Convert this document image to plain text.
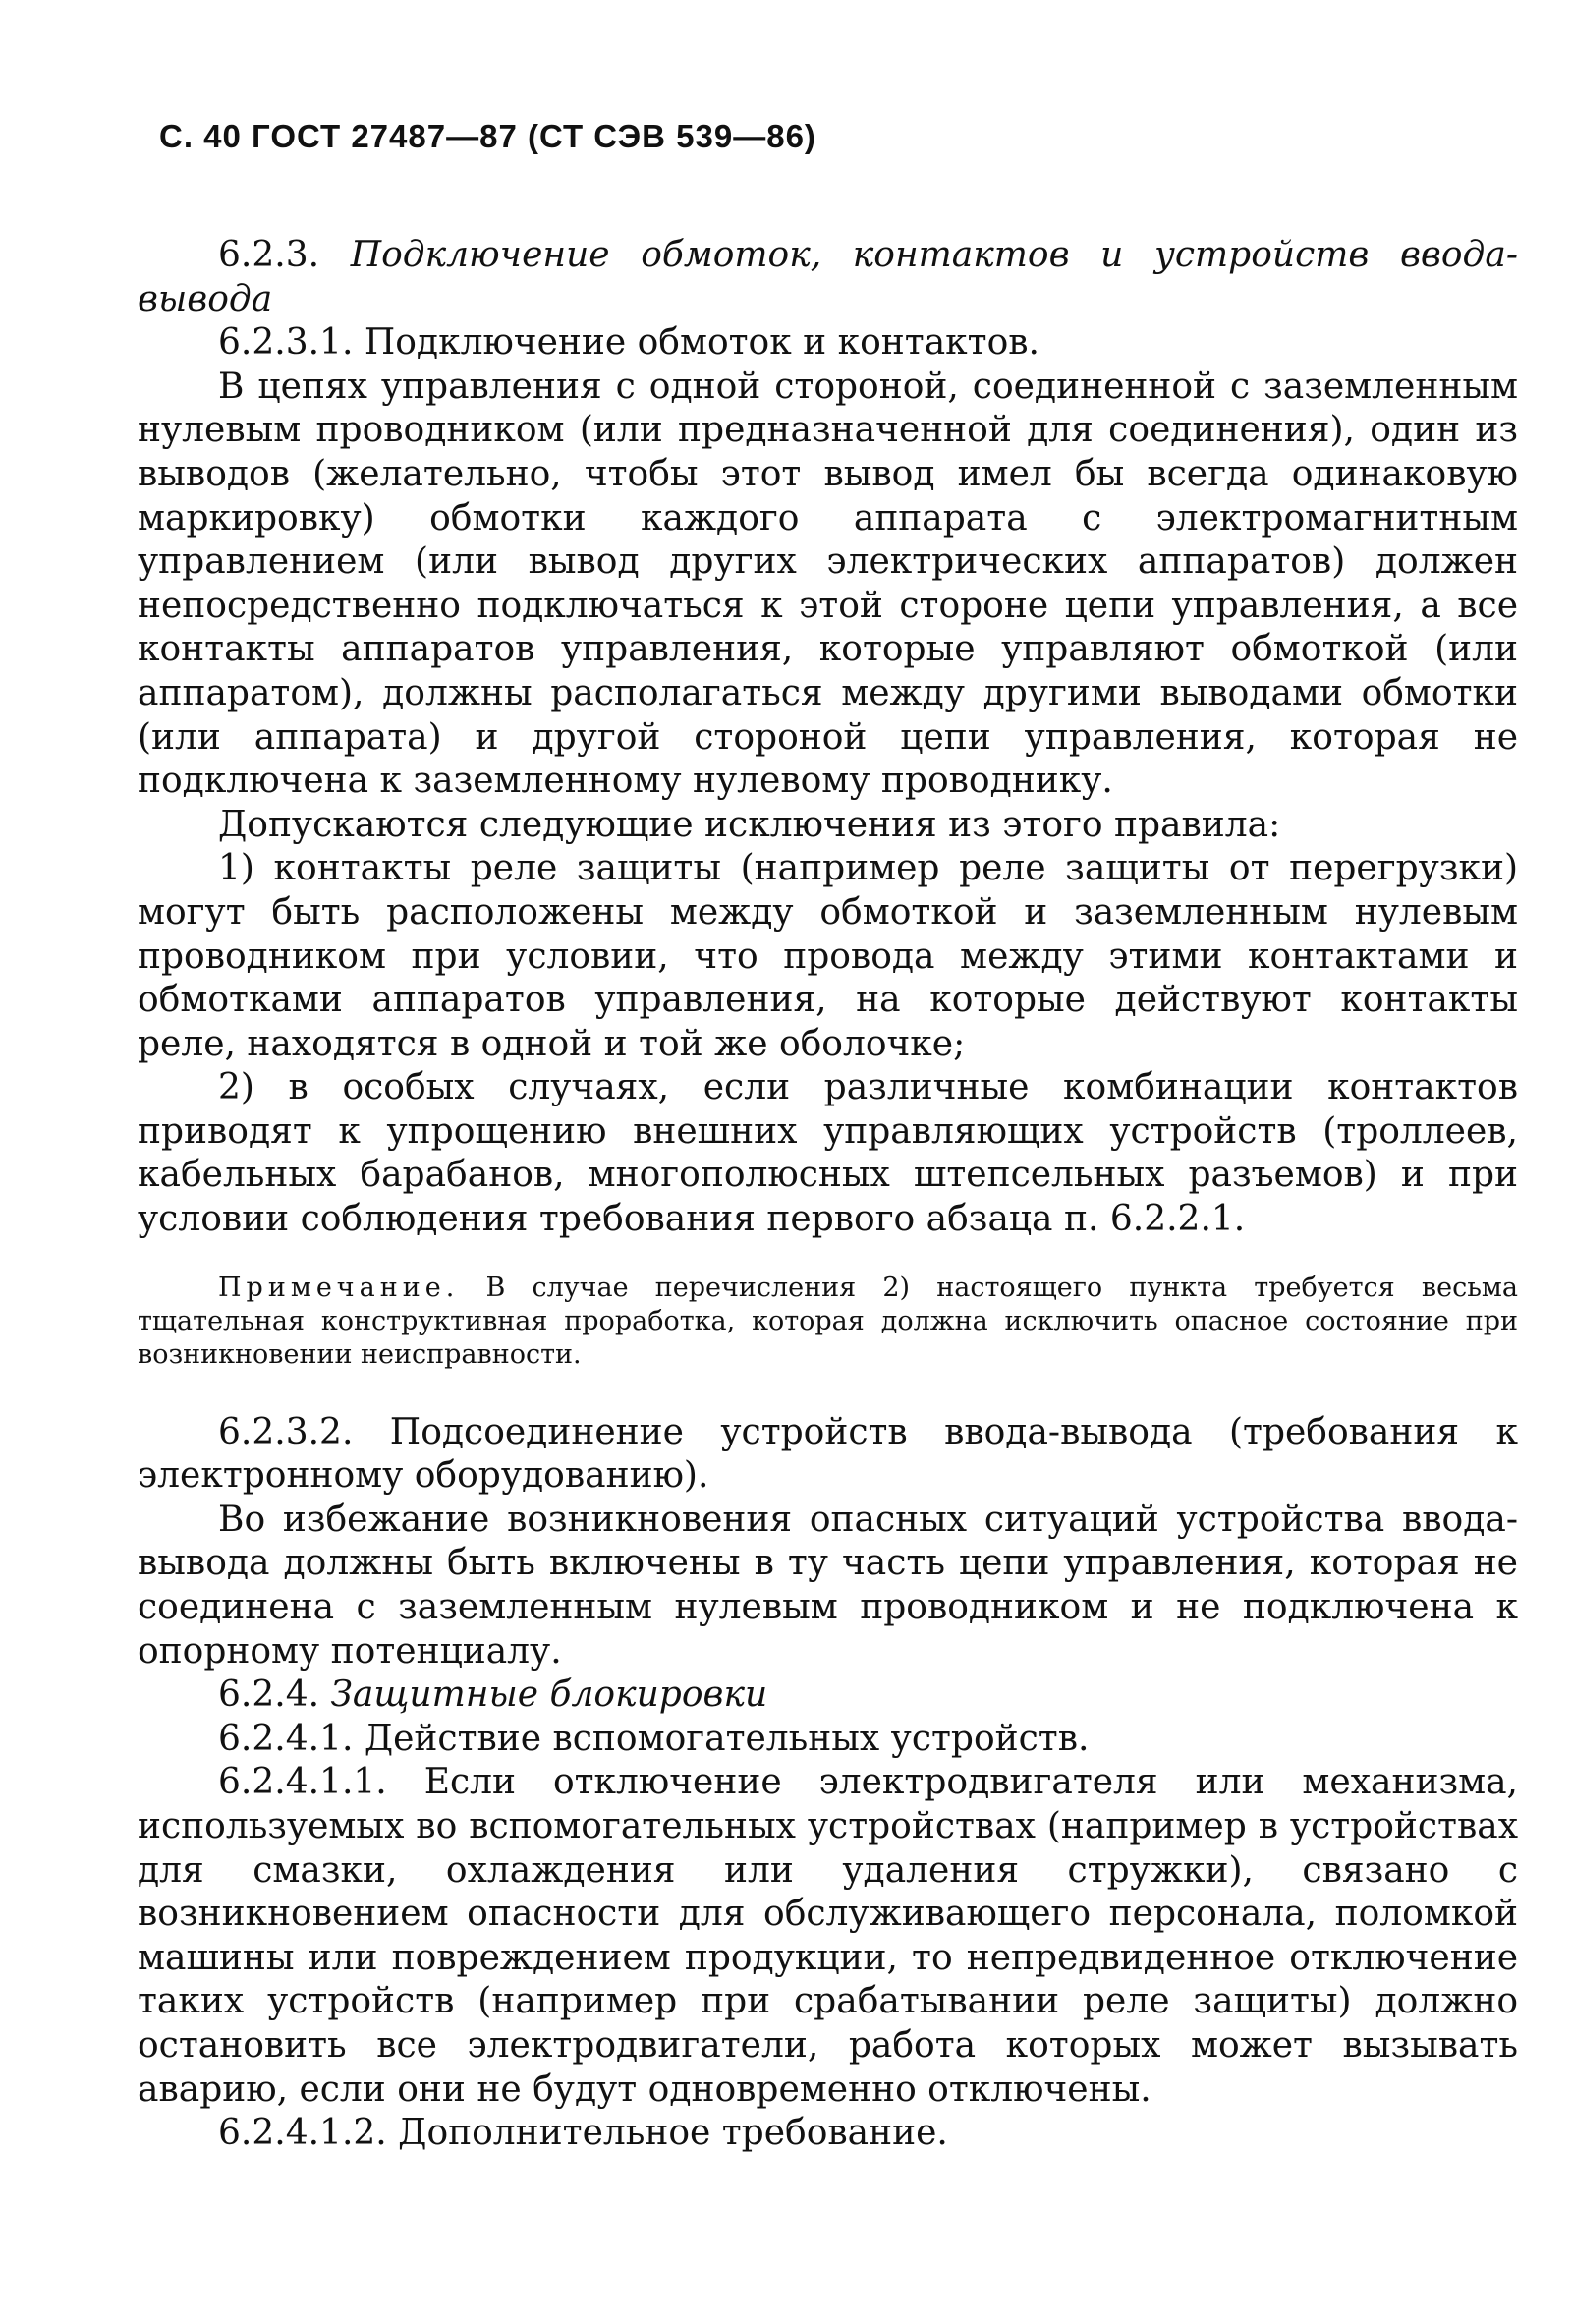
С. 40 ГОСТ 27487—87 (СТ СЭВ 539—86)

6.2.3. Подключение обмоток, контактов и устройств ввода-вывода

6.2.3.1. Подключение обмоток и контактов.

В цепях управления с одной стороной, соединенной с заземленным нулевым проводником (или предназначенной для соединения), один из выводов (желательно, чтобы этот вывод имел бы всегда одинаковую маркировку) обмотки каждого аппарата с электромагнитным управлением (или вывод других электрических аппаратов) должен непосредственно подключаться к этой стороне цепи управления, а все контакты аппаратов управления, которые управляют обмоткой (или аппаратом), должны располагаться между другими выводами обмотки (или аппарата) и другой стороной цепи управления, которая не подключена к заземленному нулевому проводнику.

Допускаются следующие исключения из этого правила:

1) контакты реле защиты (например реле защиты от перегрузки) могут быть расположены между обмоткой и заземленным нулевым проводником при условии, что провода между этими контактами и обмотками аппаратов управления, на которые действуют контакты реле, находятся в одной и той же оболочке;

2) в особых случаях, если различные комбинации контактов приводят к упрощению внешних управляющих устройств (троллеев, кабельных барабанов, многополюсных штепсельных разъемов) и при условии соблюдения требования первого абзаца п. 6.2.2.1.

Примечание. В случае перечисления 2) настоящего пункта требуется весьма тщательная конструктивная проработка, которая должна исключить опасное состояние при возникновении неисправности.

6.2.3.2. Подсоединение устройств ввода-вывода (требования к электронному оборудованию).

Во избежание возникновения опасных ситуаций устройства ввода-вывода должны быть включены в ту часть цепи управления, которая не соединена с заземленным нулевым проводником и не подключена к опорному потенциалу.

6.2.4. Защитные блокировки

6.2.4.1. Действие вспомогательных устройств.

6.2.4.1.1. Если отключение электродвигателя или механизма, используемых во вспомогательных устройствах (например в устройствах для смазки, охлаждения или удаления стружки), связано с возникновением опасности для обслуживающего персонала, поломкой машины или повреждением продукции, то непредвиденное отключение таких устройств (например при срабатывании реле защиты) должно остановить все электродвигатели, работа которых может вызывать аварию, если они не будут одновременно отключены.

6.2.4.1.2. Дополнительное требование.
